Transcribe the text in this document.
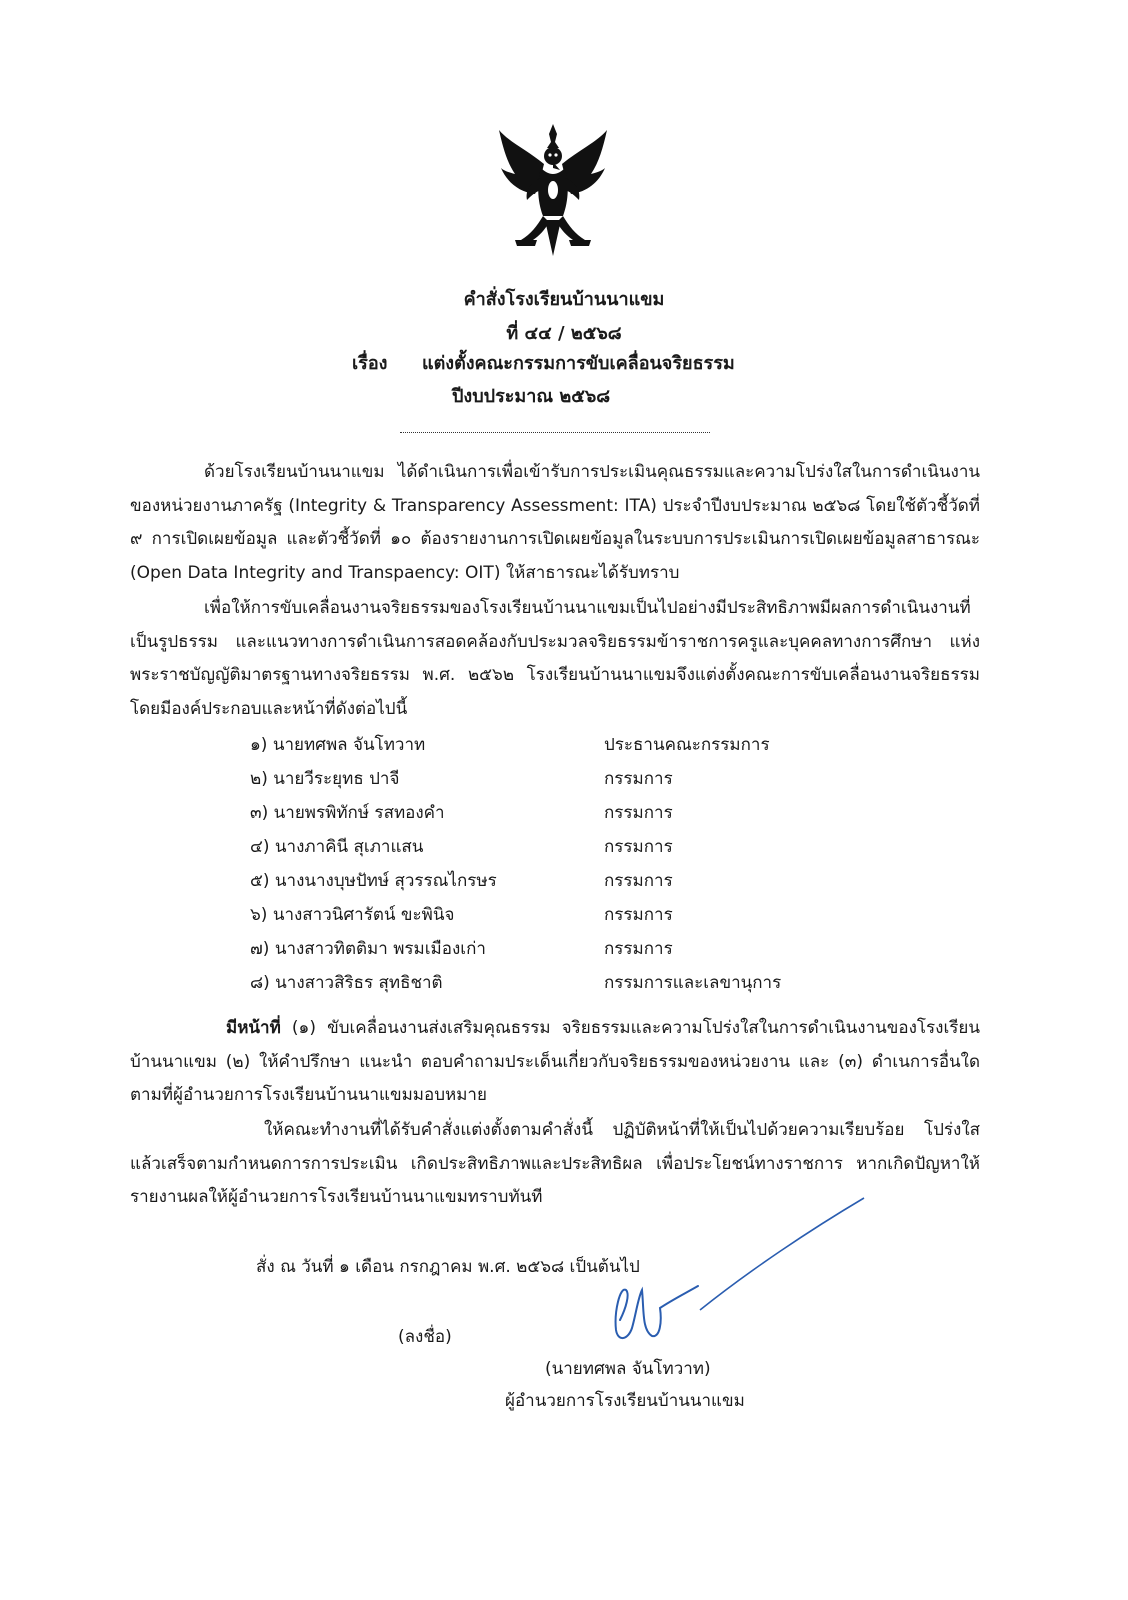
คำสั่งโรงเรียนบ้านนาแขม
ที่ ๔๔ / ๒๕๖๘
เรื่อง แต่งตั้งคณะกรรมการขับเคลื่อนจริยธรรม
ปีงบประมาณ ๒๕๖๘
ด้วยโรงเรียนบ้านนาแขม ได้ดำเนินการเพื่อเข้ารับการประเมินคุณธรรมและความโปร่งใสในการดำเนินงานของหน่วยงานภาครัฐ (Integrity & Transparency Assessment: ITA) ประจำปีงบประมาณ ๒๕๖๘ โดยใช้ตัวชี้วัดที่ ๙ การเปิดเผยข้อมูล และตัวชี้วัดที่ ๑๐ ต้องรายงานการเปิดเผยข้อมูลในระบบการประเมินการเปิดเผยข้อมูลสาธารณะ (Open Data Integrity and Transpaency: OIT) ให้สาธารณะได้รับทราบ
เพื่อให้การขับเคลื่อนงานจริยธรรมของโรงเรียนบ้านนาแขมเป็นไปอย่างมีประสิทธิภาพมีผลการดำเนินงานที่เป็นรูปธรรม และแนวทางการดำเนินการสอดคล้องกับประมวลจริยธรรมข้าราชการครูและบุคคลทางการศึกษา แห่งพระราชบัญญัติมาตรฐานทางจริยธรรม พ.ศ. ๒๕๖๒ โรงเรียนบ้านนาแขมจึงแต่งตั้งคณะการขับเคลื่อนงานจริยธรรม โดยมีองค์ประกอบและหน้าที่ดังต่อไปนี้
๑) นายทศพล จันโทวาท	ประธานคณะกรรมการ
๒) นายวีระยุทธ ปาจี	กรรมการ
๓) นายพรพิทักษ์ รสทองคำ	กรรมการ
๔) นางภาคินี สุเภาแสน	กรรมการ
๕) นางนางบุษปัทษ์ สุวรรณไกรษร	กรรมการ
๖) นางสาวนิศารัตน์ ขะพินิจ	กรรมการ
๗) นางสาวทิตติมา พรมเมืองเก่า	กรรมการ
๘) นางสาวสิริธร สุทธิชาติ	กรรมการและเลขานุการ
มีหน้าที่ (๑) ขับเคลื่อนงานส่งเสริมคุณธรรม จริยธรรมและความโปร่งใสในการดำเนินงานของโรงเรียนบ้านนาแขม (๒) ให้คำปรึกษา แนะนำ ตอบคำถามประเด็นเกี่ยวกับจริยธรรมของหน่วยงาน และ (๓) ดำเนการอื่นใดตามที่ผู้อำนวยการโรงเรียนบ้านนาแขมมอบหมาย
ให้คณะทำงานที่ได้รับคำสั่งแต่งตั้งตามคำสั่งนี้ ปฏิบัติหน้าที่ให้เป็นไปด้วยความเรียบร้อย โปร่งใส แล้วเสร็จตามกำหนดการการประเมิน เกิดประสิทธิภาพและประสิทธิผล เพื่อประโยชน์ทางราชการ หากเกิดปัญหาให้รายงานผลให้ผู้อำนวยการโรงเรียนบ้านนาแขมทราบทันที
สั่ง ณ วันที่ ๑ เดือน กรกฎาคม พ.ศ. ๒๕๖๘ เป็นต้นไป
(ลงชื่อ)
(นายทศพล จันโทวาท)
ผู้อำนวยการโรงเรียนบ้านนาแขม
